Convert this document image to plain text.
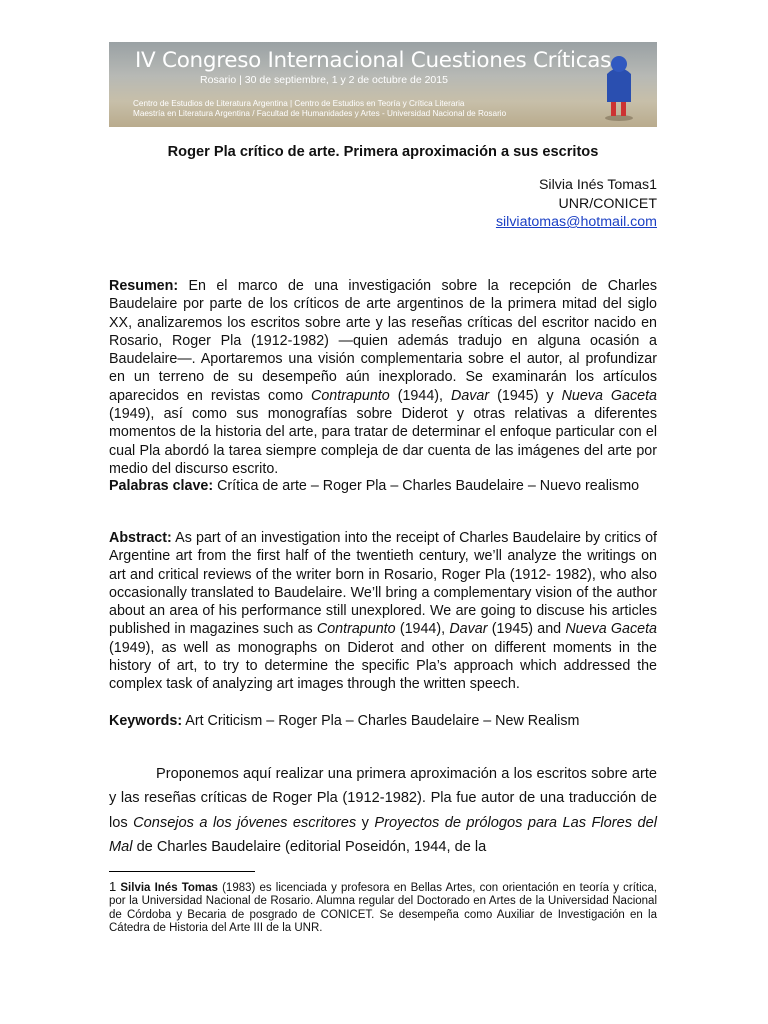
IV Congreso Internacional Cuestiones Críticas
Rosario | 30 de septiembre, 1 y 2 de octubre de 2015
Centro de Estudios de Literatura Argentina | Centro de Estudios en Teoría y Crítica Literaria
Maestría en Literatura Argentina / Facultad de Humanidades y Artes - Universidad Nacional de Rosario
Roger Pla crítico de arte. Primera aproximación a sus escritos
Silvia Inés Tomas1
UNR/CONICET
silviatomas@hotmail.com

Resumen: En el marco de una investigación sobre la recepción de Charles Baudelaire por parte de los críticos de arte argentinos de la primera mitad del siglo XX, analizaremos los escritos sobre arte y las reseñas críticas del escritor nacido en Rosario, Roger Pla (1912-1982) —quien además tradujo en alguna ocasión a Baudelaire—. Aportaremos una visión complementaria sobre el autor, al profundizar en un terreno de su desempeño aún inexplorado. Se examinarán los artículos aparecidos en revistas como Contrapunto (1944), Davar (1945) y Nueva Gaceta (1949), así como sus monografías sobre Diderot y otras relativas a diferentes momentos de la historia del arte, para tratar de determinar el enfoque particular con el cual Pla abordó la tarea siempre compleja de dar cuenta de las imágenes del arte por medio del discurso escrito.

Palabras clave: Crítica de arte – Roger Pla – Charles Baudelaire – Nuevo realismo

Abstract: As part of an investigation into the receipt of Charles Baudelaire by critics of Argentine art from the first half of the twentieth century, we’ll analyze the writings on art and critical reviews of the writer born in Rosario, Roger Pla (1912- 1982), who also occasionally translated to Baudelaire. We’ll bring a complementary vision of the author about an area of his performance still unexplored. We are going to discuse his articles published in magazines such as Contrapunto (1944), Davar (1945) and Nueva Gaceta (1949), as well as monographs on Diderot and other on different moments in the history of art, to try to determine the specific Pla’s approach which addressed the complex task of analyzing art images through the written speech.

Keywords: Art Criticism – Roger Pla – Charles Baudelaire – New Realism

Proponemos aquí realizar una primera aproximación a los escritos sobre arte y las reseñas críticas de Roger Pla (1912-1982). Pla fue autor de una traducción de los Consejos a los jóvenes escritores y Proyectos de prólogos para Las Flores del Mal de Charles Baudelaire (editorial Poseidón, 1944, de la

1 Silvia Inés Tomas (1983) es licenciada y profesora en Bellas Artes, con orientación en teoría y crítica, por la Universidad Nacional de Rosario. Alumna regular del Doctorado en Artes de la Universidad Nacional de Córdoba y Becaria de posgrado de CONICET. Se desempeña como Auxiliar de Investigación en la Cátedra de Historia del Arte III de la UNR.
